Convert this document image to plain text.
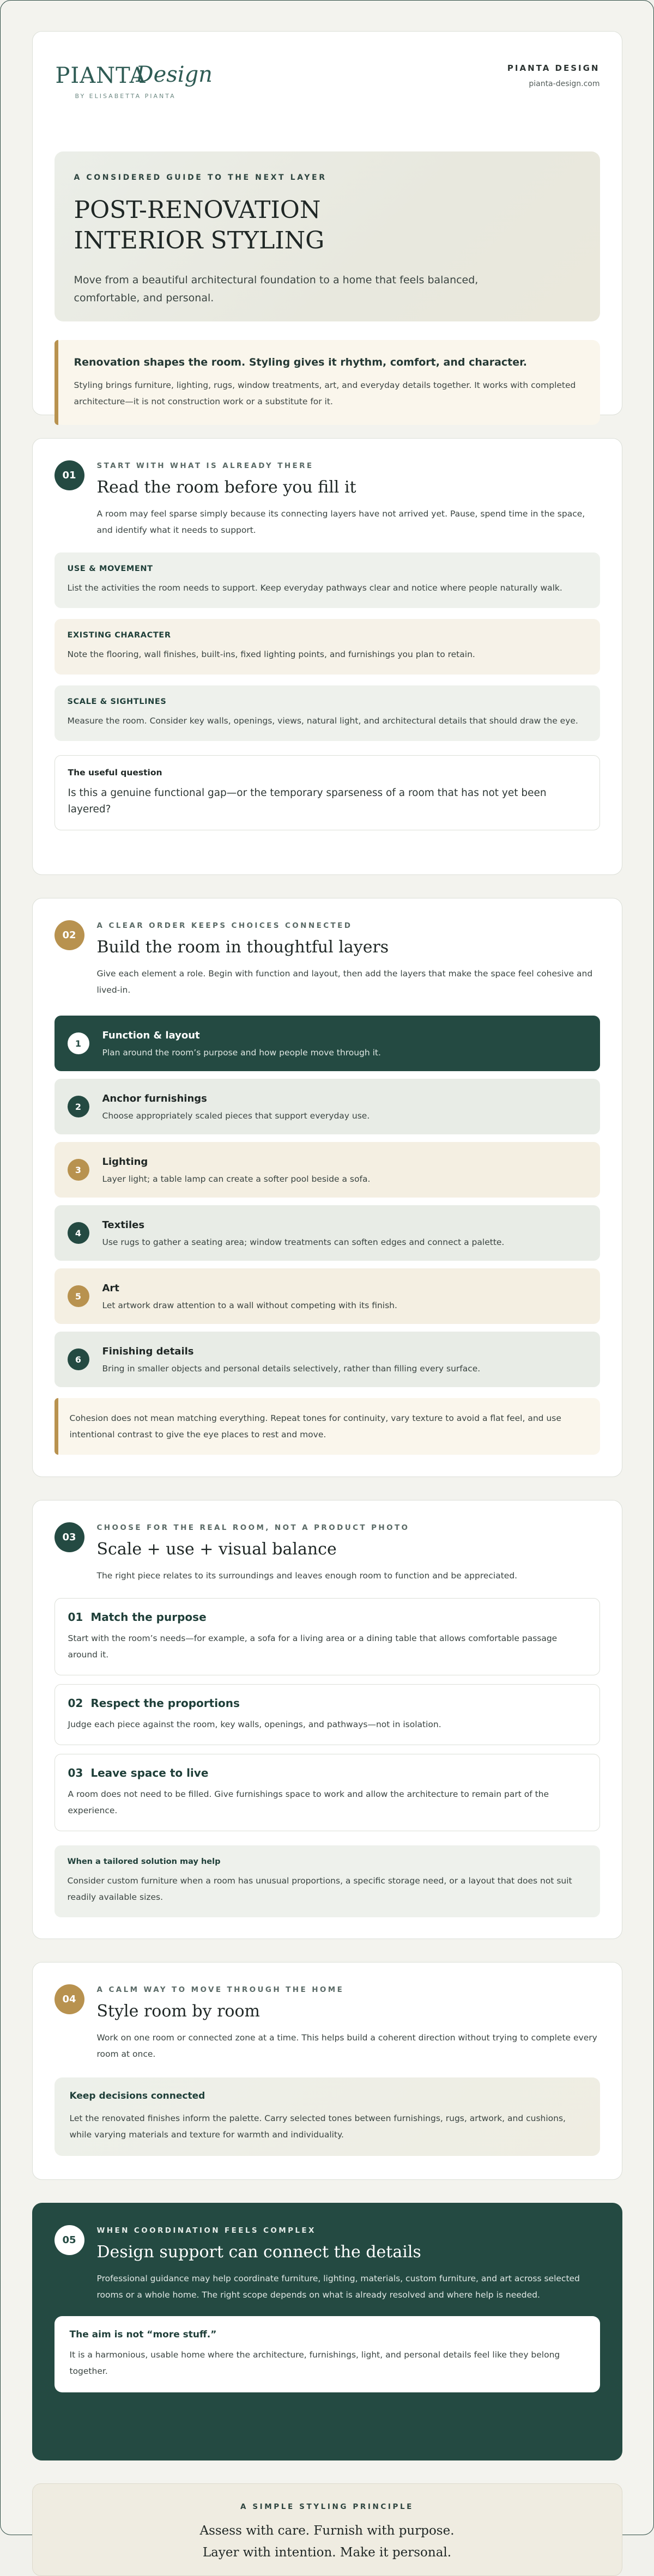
PIANTA
Design
BY ELISABETTA PIANTA
PIANTA DESIGN
pianta-design.com
A CONSIDERED GUIDE TO THE NEXT LAYER
POST-RENOVATION
INTERIOR STYLING

Move from a beautiful architectural foundation to a home that feels balanced, comfortable, and personal.

Renovation shapes the room. Styling gives it rhythm, comfort, and character.
Styling brings furniture, lighting, rugs, window treatments, art, and everyday details together. It works with completed architecture—it is not construction work or a substitute for it.
01
START WITH WHAT IS ALREADY THERE
Read the room before you fill it

A room may feel sparse simply because its connecting layers have not arrived yet. Pause, spend time in the space, and identify what it needs to support.

USE & MOVEMENT
List the activities the room needs to support. Keep everyday pathways clear and notice where people naturally walk.
EXISTING CHARACTER
Note the flooring, wall finishes, built-ins, fixed lighting points, and furnishings you plan to retain.
SCALE & SIGHTLINES
Measure the room. Consider key walls, openings, views, natural light, and architectural details that should draw the eye.
The useful question
Is this a genuine functional gap—or the temporary sparseness of a room that has not yet been layered?
02
A CLEAR ORDER KEEPS CHOICES CONNECTED
Build the room in thoughtful layers

Give each element a role. Begin with function and layout, then add the layers that make the space feel cohesive and lived-in.

1
Function & layout
Plan around the room’s purpose and how people move through it.
2
Anchor furnishings
Choose appropriately scaled pieces that support everyday use.
3
Lighting
Layer light; a table lamp can create a softer pool beside a sofa.
4
Textiles
Use rugs to gather a seating area; window treatments can soften edges and connect a palette.
5
Art
Let artwork draw attention to a wall without competing with its finish.
6
Finishing details
Bring in smaller objects and personal details selectively, rather than filling every surface.
Cohesion does not mean matching everything. Repeat tones for continuity, vary texture to avoid a flat feel, and use intentional contrast to give the eye places to rest and move.
03
CHOOSE FOR THE REAL ROOM, NOT A PRODUCT PHOTO
Scale + use + visual balance

The right piece relates to its surroundings and leaves enough room to function and be appreciated.

01 Match the purpose
Start with the room’s needs—for example, a sofa for a living area or a dining table that allows comfortable passage around it.
02 Respect the proportions
Judge each piece against the room, key walls, openings, and pathways—not in isolation.
03 Leave space to live
A room does not need to be filled. Give furnishings space to work and allow the architecture to remain part of the experience.
When a tailored solution may help
Consider custom furniture when a room has unusual proportions, a specific storage need, or a layout that does not suit readily available sizes.
04
A CALM WAY TO MOVE THROUGH THE HOME
Style room by room

Work on one room or connected zone at a time. This helps build a coherent direction without trying to complete every room at once.

Keep decisions connected
Let the renovated finishes inform the palette. Carry selected tones between furnishings, rugs, artwork, and cushions, while varying materials and texture for warmth and individuality.
05
WHEN COORDINATION FEELS COMPLEX
Design support can connect the details

Professional guidance may help coordinate furniture, lighting, materials, custom furniture, and art across selected rooms or a whole home. The right scope depends on what is already resolved and where help is needed.

The aim is not “more stuff.”
It is a harmonious, usable home where the architecture, furnishings, light, and personal details feel like they belong together.
A SIMPLE STYLING PRINCIPLE
Assess with care. Furnish with purpose.
Layer with intention. Make it personal.
